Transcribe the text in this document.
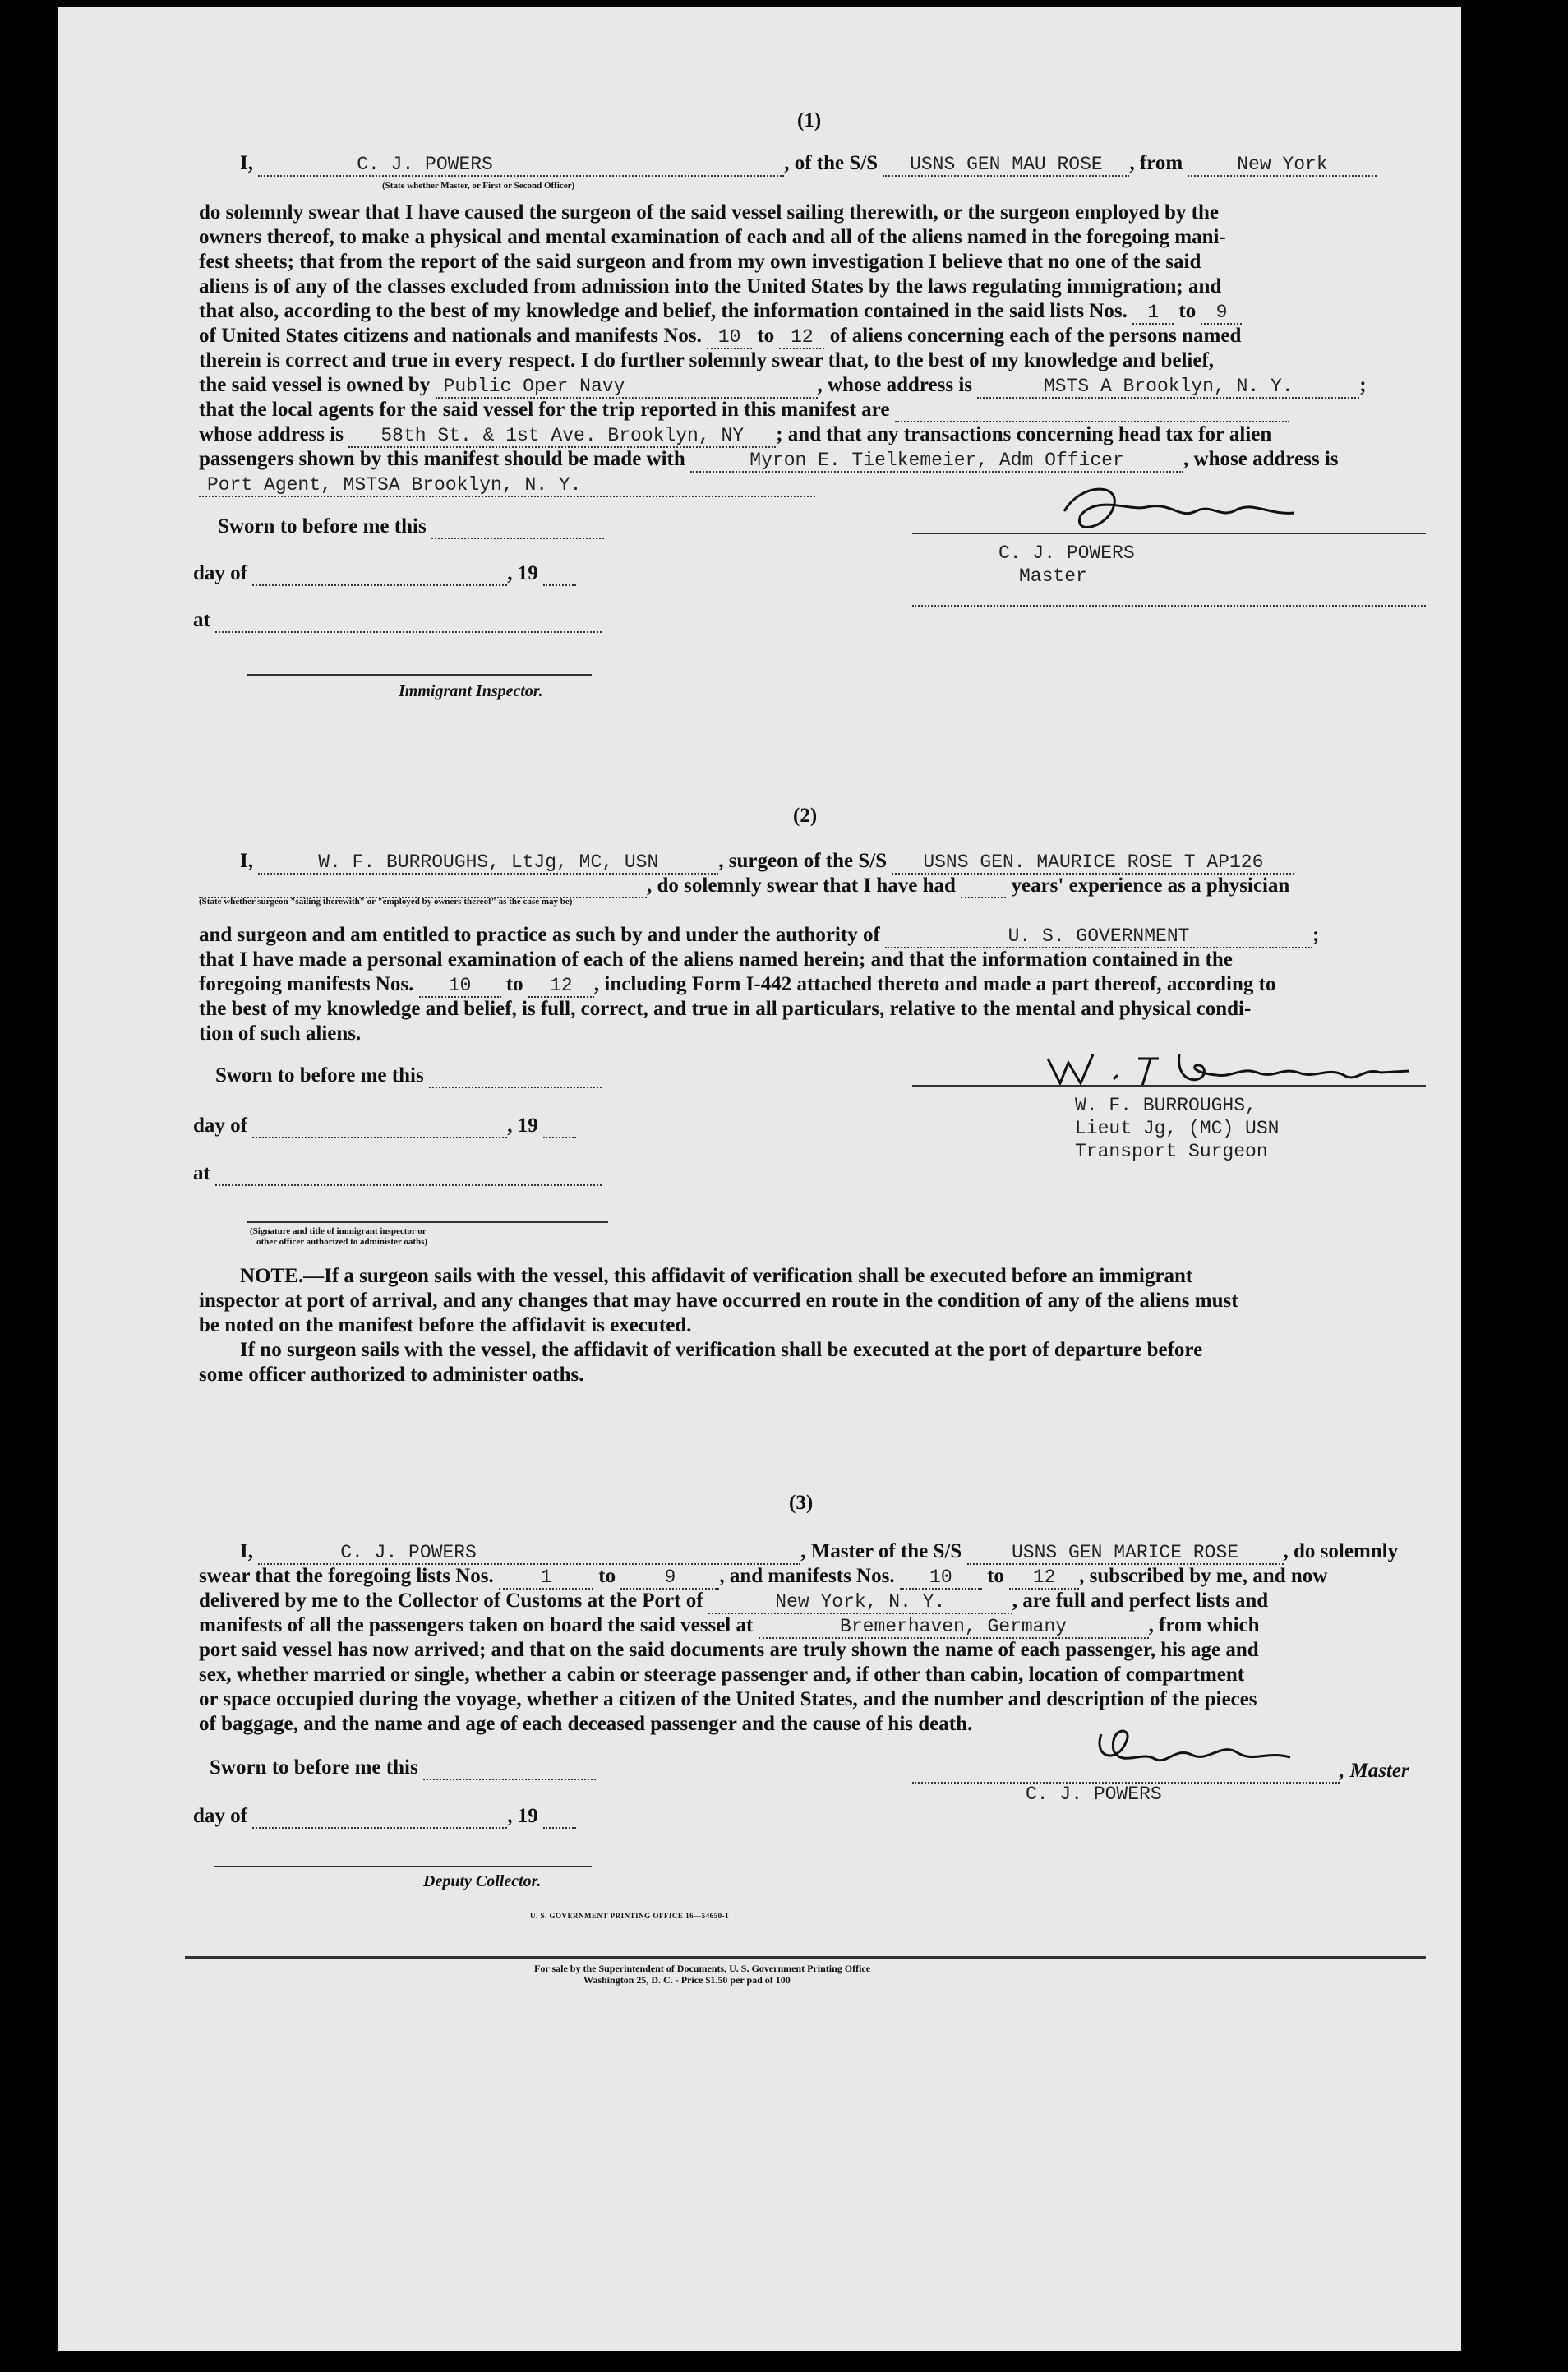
(1)
I,	C. J. POWERS	, of the S/S USNS GEN MAU ROSE , from	New York
(State whether Master, or First or Second Officer)
do solemnly swear that I have caused the surgeon of the said vessel sailing therewith, or the surgeon employed by the
owners thereof, to make a physical and mental examination of each and all of the aliens named in the foregoing mani-
fest sheets; that from the report of the said surgeon and from my own investigation I believe that no one of the said
aliens is of any of the classes excluded from admission into the United States by the laws regulating immigration; and
that also, according to the best of my knowledge and belief, the information contained in the said lists Nos. 1 to 9
of United States citizens and nationals and manifests Nos. 10 to 12 of aliens concerning each of the persons named
therein is correct and true in every respect. I do further solemnly swear that, to the best of my knowledge and belief,
the said vessel is owned by Public Oper Navy	, whose address is	MSTS A Brooklyn, N. Y.	;
that the local agents for the said vessel for the trip reported in this manifest are
whose address is 58th St. & 1st Ave. Brooklyn, NY ; and that any transactions concerning head tax for alien
passengers shown by this manifest should be made with	Myron E. Tielkemeier, Adm Officer	, whose address is
Port Agent, MSTSA Brooklyn, N. Y.
C. J. POWERS
Master
Sworn to before me this
day of	, 19
at
Immigrant Inspector.
(2)
I,	W. F. BURROUGHS, LtJg, MC, USN	, surgeon of the S/S USNS GEN. MAURICE ROSE T AP126
, do solemnly swear that I have had	years' experience as a physician
(State whether surgeon "sailing therewith" or "employed by owners thereof" as the case may be)
and surgeon and am entitled to practice as such by and under the authority of	U. S. GOVERNMENT	;
that I have made a personal examination of each of the aliens named herein; and that the information contained in the
foregoing manifests Nos. 10 to 12 , including Form I-442 attached thereto and made a part thereof, according to
the best of my knowledge and belief, is full, correct, and true in all particulars, relative to the mental and physical condi-
tion of such aliens.
W. F. BURROUGHS,
Lieut Jg, (MC) USN
Transport Surgeon
Sworn to before me this
day of	, 19
at
(Signature and title of immigrant inspector or
other officer authorized to administer oaths)
NOTE.—If a surgeon sails with the vessel, this affidavit of verification shall be executed before an immigrant
inspector at port of arrival, and any changes that may have occurred en route in the condition of any of the aliens must
be noted on the manifest before the affidavit is executed.
If no surgeon sails with the vessel, the affidavit of verification shall be executed at the port of departure before
some officer authorized to administer oaths.
(3)
I,	C. J. POWERS	, Master of the S/S	USNS GEN MARICE ROSE , do solemnly
swear that the foregoing lists Nos. 1 to	9 , and manifests Nos. 10 to 12 , subscribed by me, and now
delivered by me to the Collector of Customs at the Port of	New York, N. Y.	, are full and perfect lists and
manifests of all the passengers taken on board the said vessel at	Bremerhaven, Germany	, from which
port said vessel has now arrived; and that on the said documents are truly shown the name of each passenger, his age and
sex, whether married or single, whether a cabin or steerage passenger and, if other than cabin, location of compartment
or space occupied during the voyage, whether a citizen of the United States, and the number and description of the pieces
of baggage, and the name and age of each deceased passenger and the cause of his death.
, Master
C. J. POWERS
Sworn to before me this
day of	, 19
Deputy Collector.
U. S. GOVERNMENT PRINTING OFFICE 16—54650-1
For sale by the Superintendent of Documents, U. S. Government Printing Office
Washington 25, D. C. - Price $1.50 per pad of 100
